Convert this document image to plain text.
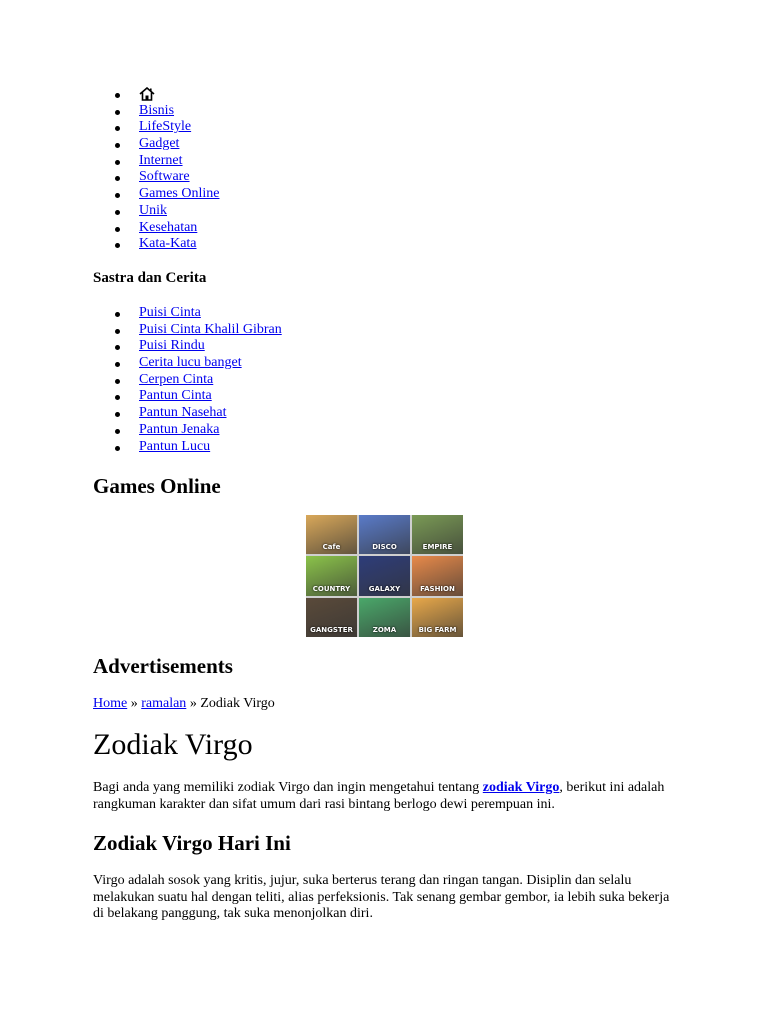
Bisnis
LifeStyle
Gadget
Internet
Software
Games Online
Unik
Kesehatan
Kata-Kata
Sastra dan Cerita
Puisi Cinta
Puisi Cinta Khalil Gibran
Puisi Rindu
Cerita lucu banget
Cerpen Cinta
Pantun Cinta
Pantun Nasehat
Pantun Jenaka
Pantun Lucu
Games Online
Cafe	DISCO	EMPIRE
COUNTRY	GALAXY	FASHION
GANGSTER	ZOMA	BIG FARM
Advertisements
Home » ramalan » Zodiak Virgo
Zodiak Virgo

Bagi anda yang memiliki zodiak Virgo dan ingin mengetahui tentang zodiak Virgo, berikut ini adalah rangkuman karakter dan sifat umum dari rasi bintang berlogo dewi perempuan ini.

Zodiak Virgo Hari Ini

Virgo adalah sosok yang kritis, jujur, suka berterus terang dan ringan tangan. Disiplin dan selalu melakukan suatu hal dengan teliti, alias perfeksionis. Tak senang gembar gembor, ia lebih suka bekerja di belakang panggung, tak suka menonjolkan diri.
